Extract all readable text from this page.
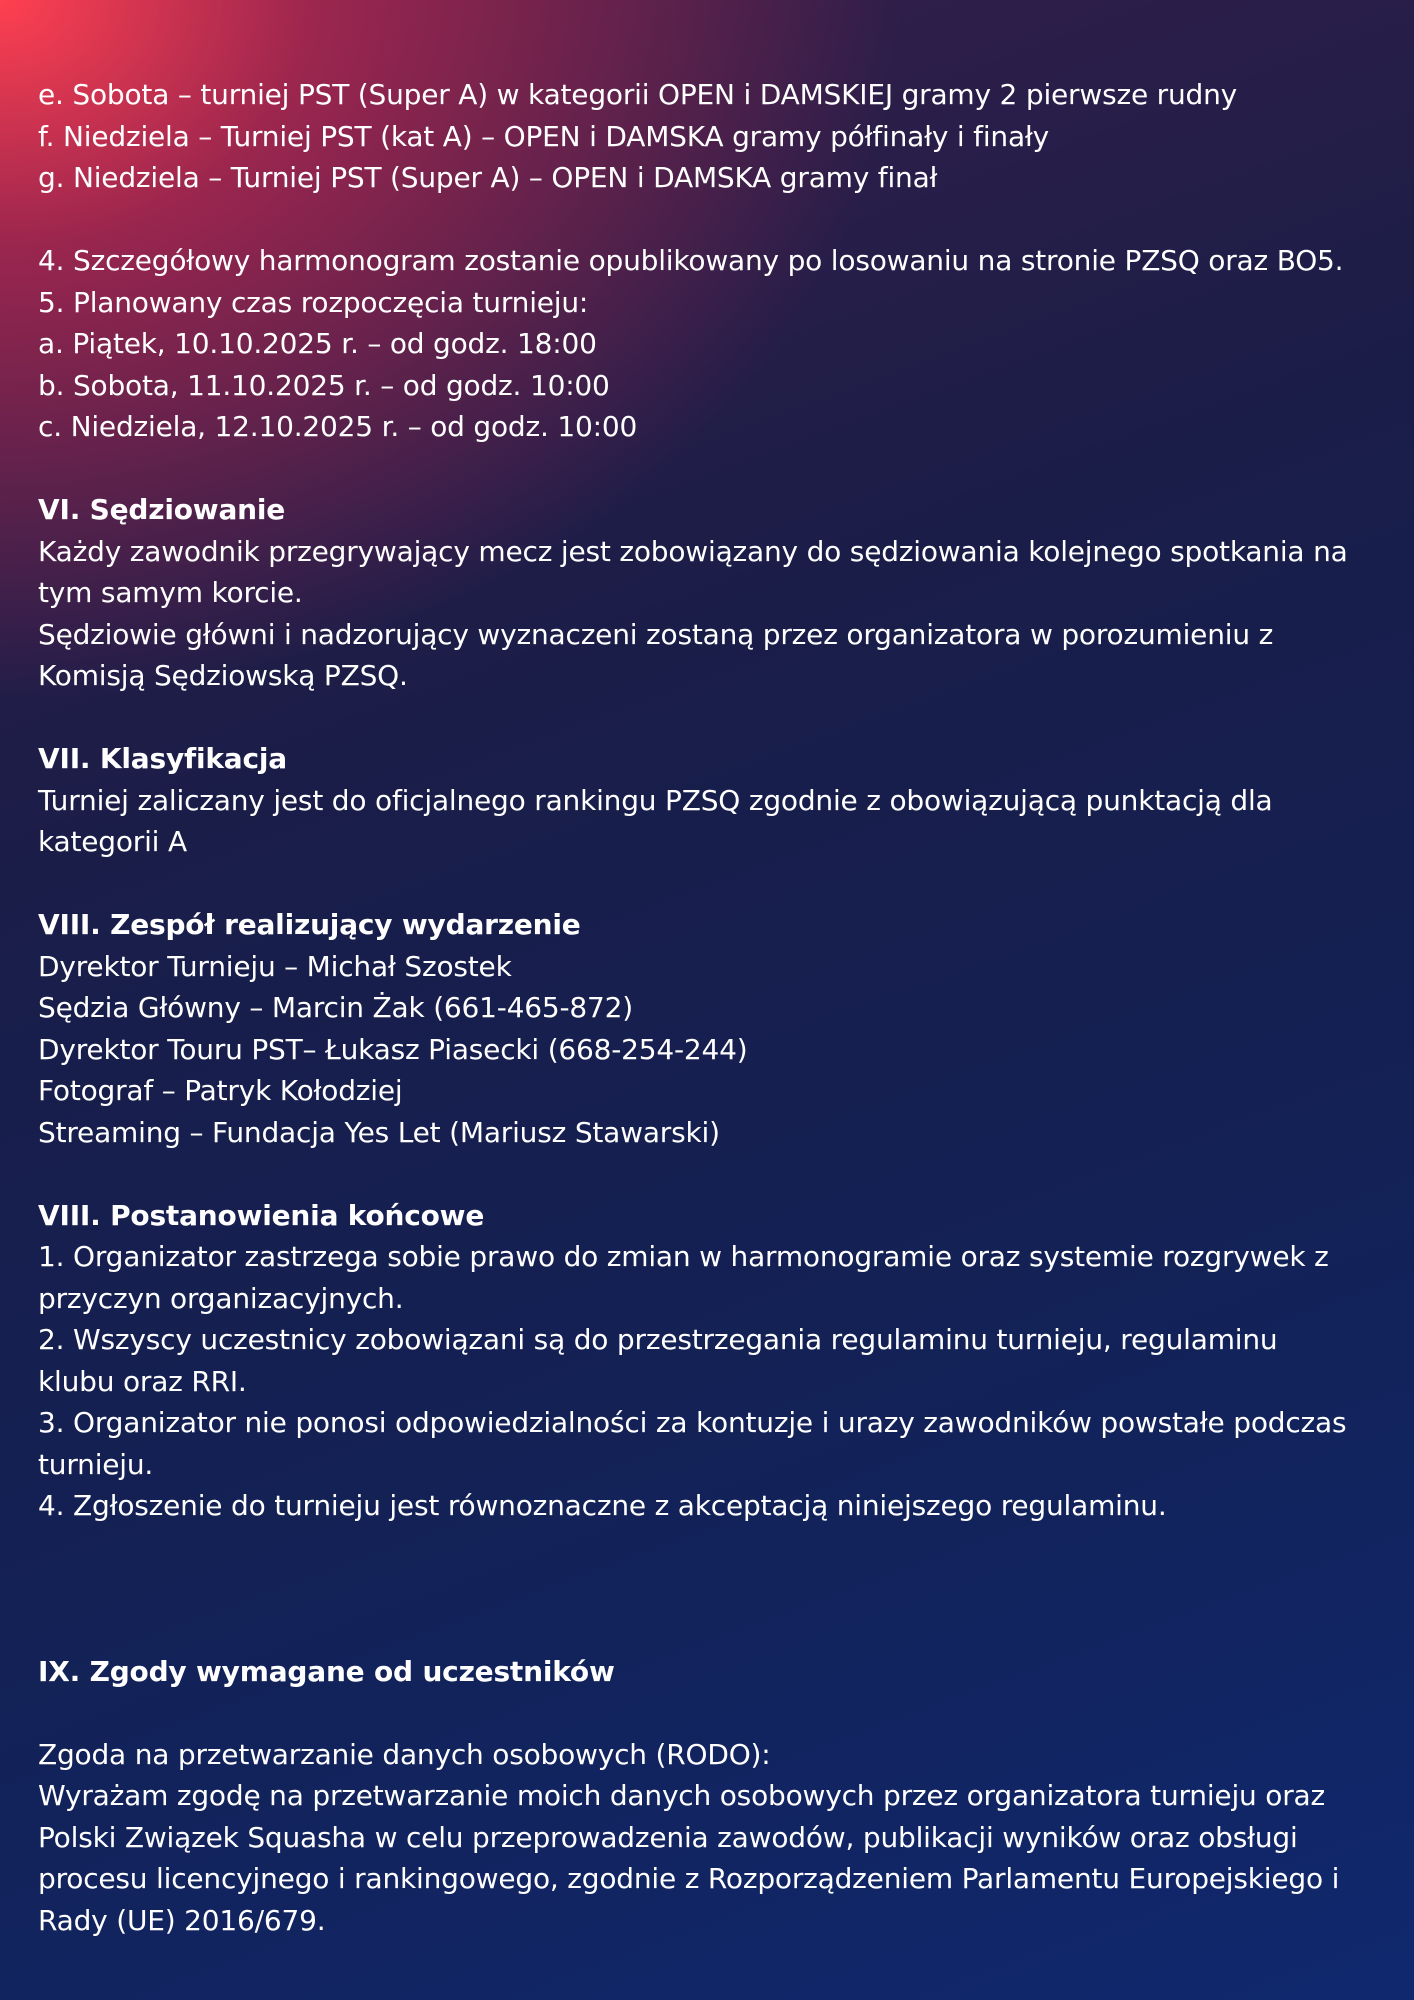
e. Sobota – turniej PST (Super A) w kategorii OPEN i DAMSKIEJ gramy 2 pierwsze rudny
f. Niedziela – Turniej PST (kat A) – OPEN i DAMSKA gramy półfinały i finały
g. Niedziela – Turniej PST (Super A) – OPEN i DAMSKA gramy finał
4. Szczegółowy harmonogram zostanie opublikowany po losowaniu na stronie PZSQ oraz BO5.
5. Planowany czas rozpoczęcia turnieju:
a. Piątek, 10.10.2025 r. – od godz. 18:00
b. Sobota, 11.10.2025 r. – od godz. 10:00
c. Niedziela, 12.10.2025 r. – od godz. 10:00
VI. Sędziowanie
Każdy zawodnik przegrywający mecz jest zobowiązany do sędziowania kolejnego spotkania na
tym samym korcie.
Sędziowie główni i nadzorujący wyznaczeni zostaną przez organizatora w porozumieniu z
Komisją Sędziowską PZSQ.
VII. Klasyfikacja
Turniej zaliczany jest do oficjalnego rankingu PZSQ zgodnie z obowiązującą punktacją dla
kategorii A
VIII. Zespół realizujący wydarzenie
Dyrektor Turnieju – Michał Szostek
Sędzia Główny – Marcin Żak (661-465-872)
Dyrektor Touru PST– Łukasz Piasecki (668-254-244)
Fotograf – Patryk Kołodziej
Streaming – Fundacja Yes Let (Mariusz Stawarski)
VIII. Postanowienia końcowe
1. Organizator zastrzega sobie prawo do zmian w harmonogramie oraz systemie rozgrywek z
przyczyn organizacyjnych.
2. Wszyscy uczestnicy zobowiązani są do przestrzegania regulaminu turnieju, regulaminu
klubu oraz RRI.
3. Organizator nie ponosi odpowiedzialności za kontuzje i urazy zawodników powstałe podczas
turnieju.
4. Zgłoszenie do turnieju jest równoznaczne z akceptacją niniejszego regulaminu.
IX. Zgody wymagane od uczestników
Zgoda na przetwarzanie danych osobowych (RODO):
Wyrażam zgodę na przetwarzanie moich danych osobowych przez organizatora turnieju oraz
Polski Związek Squasha w celu przeprowadzenia zawodów, publikacji wyników oraz obsługi
procesu licencyjnego i rankingowego, zgodnie z Rozporządzeniem Parlamentu Europejskiego i
Rady (UE) 2016/679.
